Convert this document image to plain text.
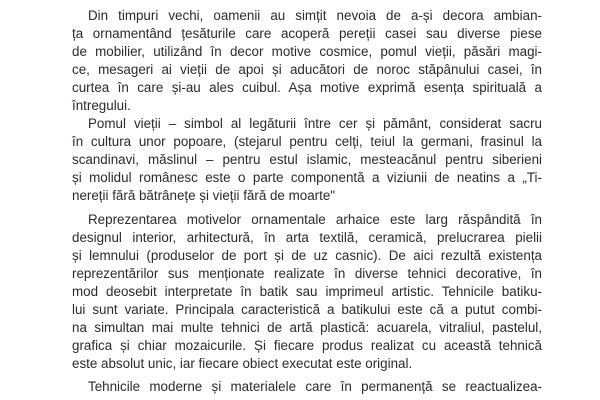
Din timpuri vechi, oamenii au simțit nevoia de a-și decora ambian-
ța ornamentând țesăturile care acoperă pereții casei sau diverse piese
de mobilier, utilizând în decor motive cosmice, pomul vieții, păsări magi-
ce, mesageri ai vieții de apoi și aducători de noroc stăpânului casei, în
curtea în care și-au ales cuibul. Așa motive exprimă esența spirituală a
întregului.
Pomul vieții – simbol al legăturii între cer și pământ, considerat sacru
în cultura unor popoare, (stejarul pentru celți, teiul la germani, frasinul la
scandinavi, măslinul – pentru estul islamic, mesteacănul pentru siberieni
și molidul românesc este o parte componentă a viziunii de neatins a „Ti-
nereții fără bătrânețe și vieții fără de moarte"
Reprezentarea motivelor ornamentale arhaice este larg răspândită în
designul interior, arhitectură, în arta textilă, ceramică, prelucrarea pielii
și lemnului (produselor de port și de uz casnic). De aici rezultă existența
reprezentărilor sus menționate realizate în diverse tehnici decorative, în
mod deosebit interpretate în batik sau imprimeul artistic. Tehnicile batiku-
lui sunt variate. Principala caracteristică a batikului este că a putut combi-
na simultan mai multe tehnici de artă plastică: acuarela, vitraliul, pastelul,
grafica și chiar mozaicurile. Și fiecare produs realizat cu această tehnică
este absolut unic, iar fiecare obiect executat este original.
Tehnicile moderne și materialele care în permanență se reactualizea-
